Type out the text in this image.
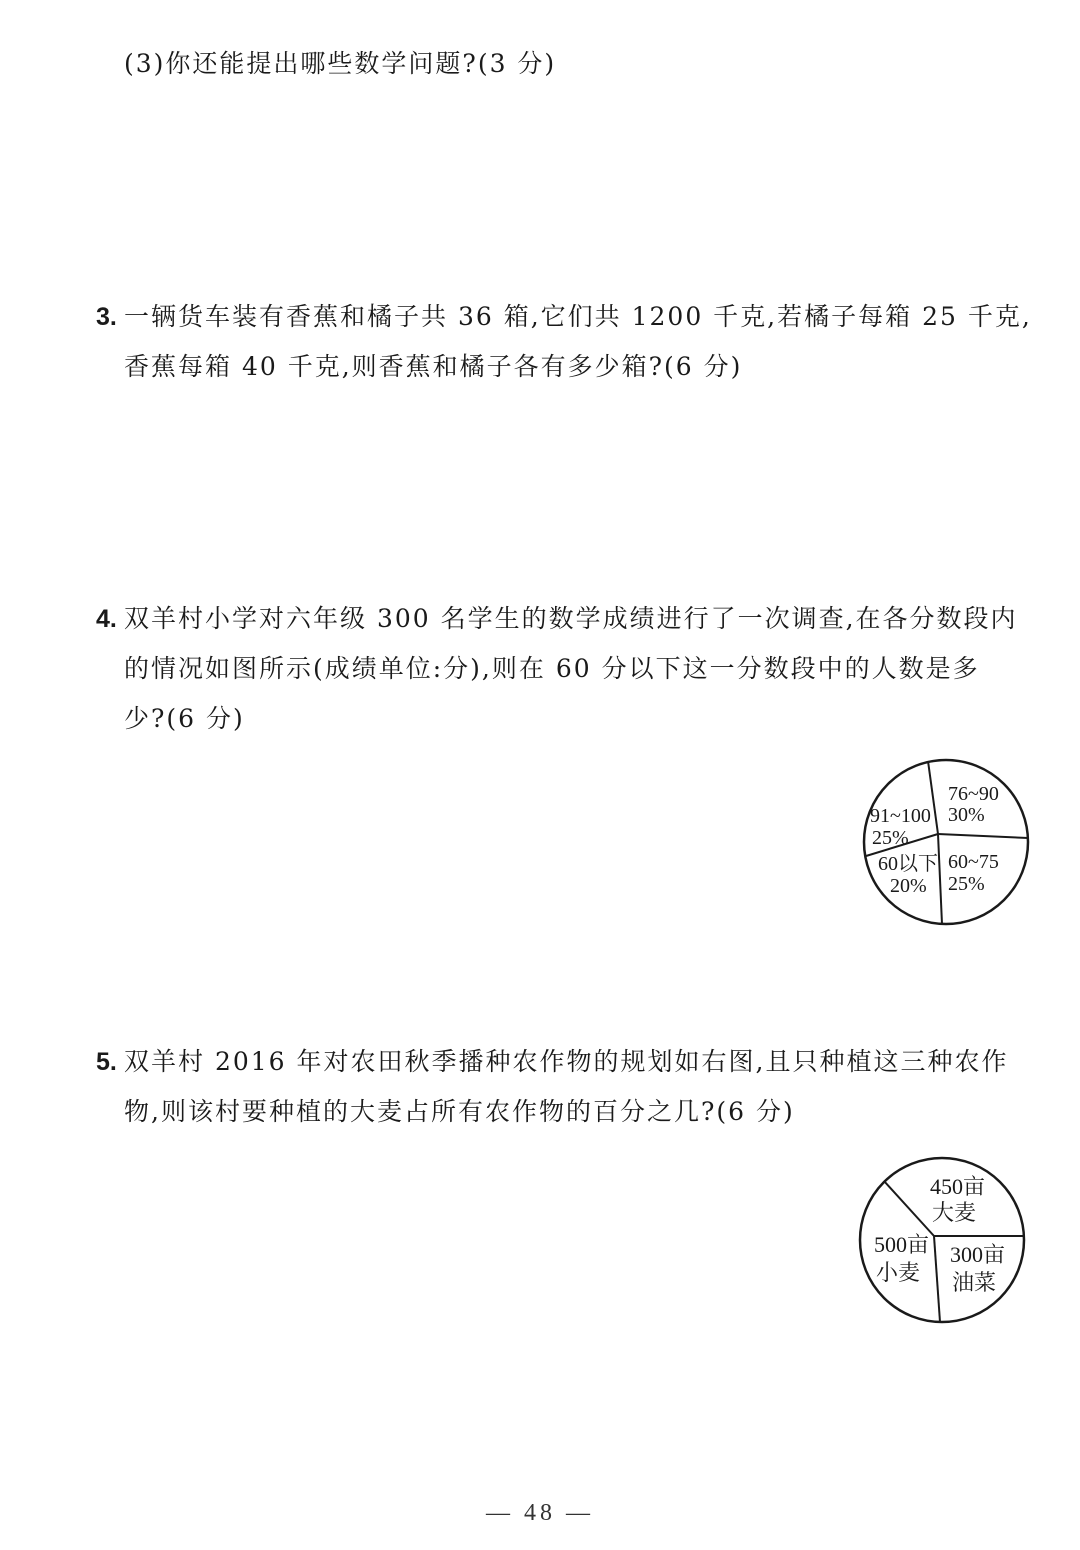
(3)你还能提出哪些数学问题?(3 分)

3. 一辆货车装有香蕉和橘子共 36 箱,它们共 1200 千克,若橘子每箱 25 千克,

香蕉每箱 40 千克,则香蕉和橘子各有多少箱?(6 分)

4. 双羊村小学对六年级 300 名学生的数学成绩进行了一次调查,在各分数段内

的情况如图所示(成绩单位:分),则在 60 分以下这一分数段中的人数是多

少?(6 分)

76~90
30%
91~100
25%
60以下
20%
60~75
25%

5. 双羊村 2016 年对农田秋季播种农作物的规划如右图,且只种植这三种农作

物,则该村要种植的大麦占所有农作物的百分之几?(6 分)

450亩
大麦
500亩
小麦
300亩
油菜
— 48 —
